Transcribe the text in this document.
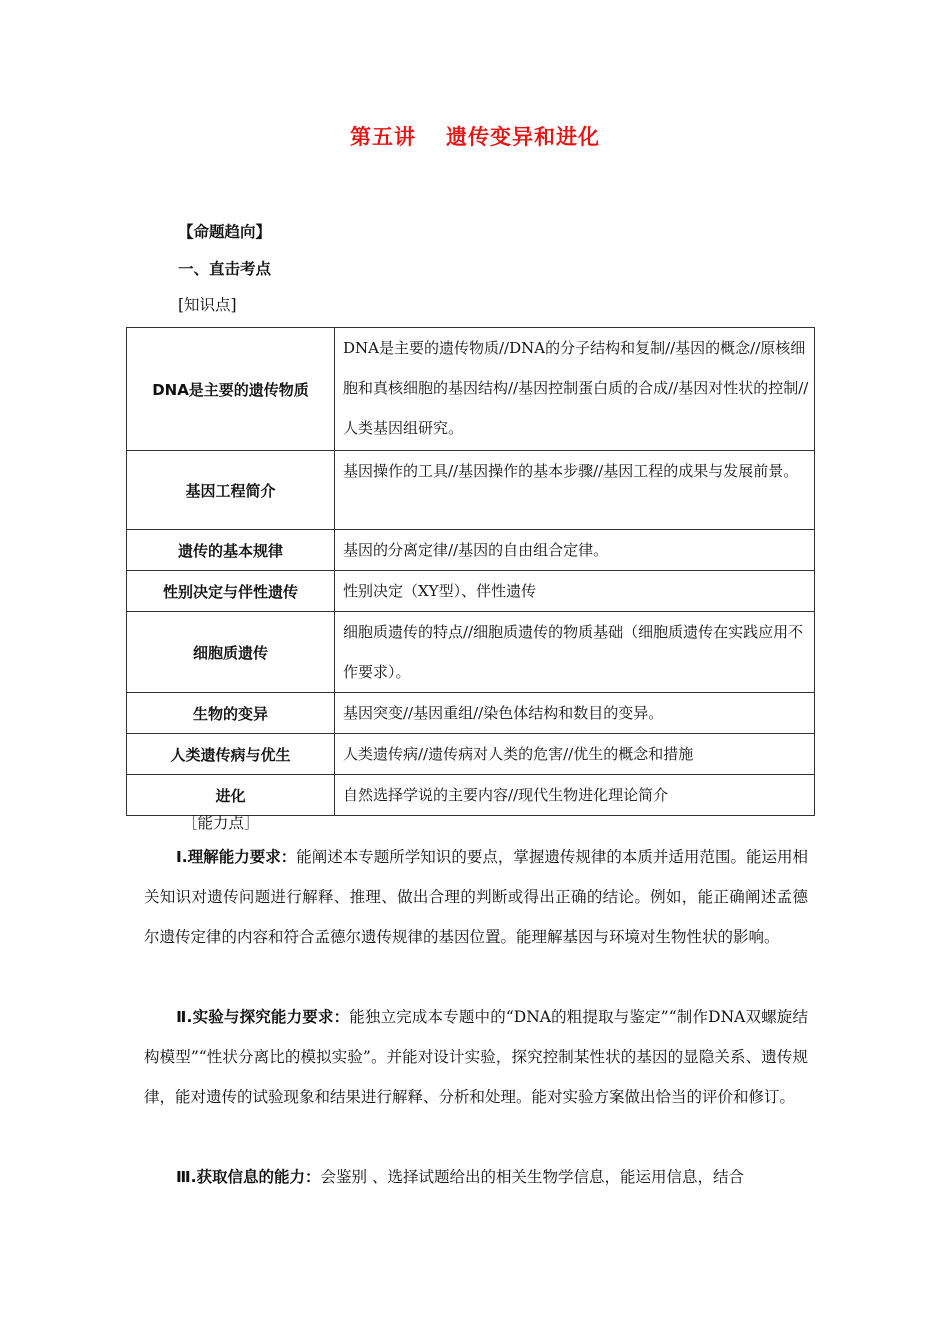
第五讲 遗传变异和进化
【命题趋向】
一、直击考点
[知识点]
DNA是主要的遗传物质	DNA是主要的遗传物质//DNA的分子结构和复制//基因的概念//原核细胞和真核细胞的基因结构//基因控制蛋白质的合成//基因对性状的控制//人类基因组研究。
基因工程简介	基因操作的工具//基因操作的基本步骤//基因工程的成果与发展前景。
遗传的基本规律	基因的分离定律//基因的自由组合定律。
性别决定与伴性遗传	性别决定（XY型）、伴性遗传
细胞质遗传	细胞质遗传的特点//细胞质遗传的物质基础（细胞质遗传在实践应用不作要求）。
生物的变异	基因突变//基因重组//染色体结构和数目的变异。
人类遗传病与优生	人类遗传病//遗传病对人类的危害//优生的概念和措施
进化	自然选择学说的主要内容//现代生物进化理论简介
［能力点］
Ⅰ.理解能力要求：能阐述本专题所学知识的要点，掌握遗传规律的本质并适用范围。能运用相关知识对遗传问题进行解释、推理、做出合理的判断或得出正确的结论。例如，能正确阐述孟德尔遗传定律的内容和符合孟德尔遗传规律的基因位置。能理解基因与环境对生物性状的影响。
Ⅱ.实验与探究能力要求：能独立完成本专题中的“DNA的粗提取与鉴定”“制作DNA双螺旋结构模型”“性状分离比的模拟实验”。并能对设计实验，探究控制某性状的基因的显隐关系、遗传规律，能对遗传的试验现象和结果进行解释、分析和处理。能对实验方案做出恰当的评价和修订。
Ⅲ.获取信息的能力：会鉴别 、选择试题给出的相关生物学信息，能运用信息，结合
